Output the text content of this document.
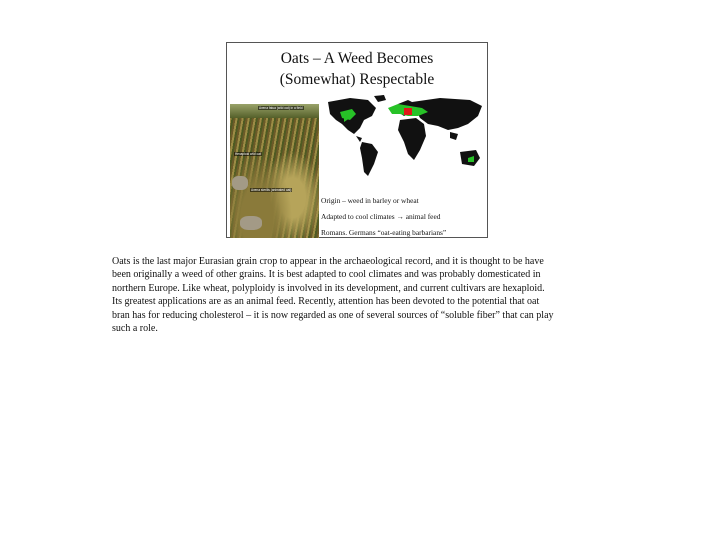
Oats – A Weed Becomes
(Somewhat) Respectable
Avena fatua (wild oat) in a field
Hexaploid wild oat
Avena sterilis (animated oat)
Origin – weed in barley or wheat
Adapted to cool climates → animal feed
Romans. Germans “oat-eating barbarians”
Oats is the last major Eurasian grain crop to appear in the archaeological record, and it is thought to be have
been originally a weed of other grains. It is best adapted to cool climates and was probably domesticated in
northern Europe. Like wheat, polyploidy is involved in its development, and current cultivars are hexaploid.
Its greatest applications are as an animal feed. Recently, attention has been devoted to the potential that oat
bran has for reducing cholesterol – it is now regarded as one of several sources of “soluble fiber” that can play
such a role.
